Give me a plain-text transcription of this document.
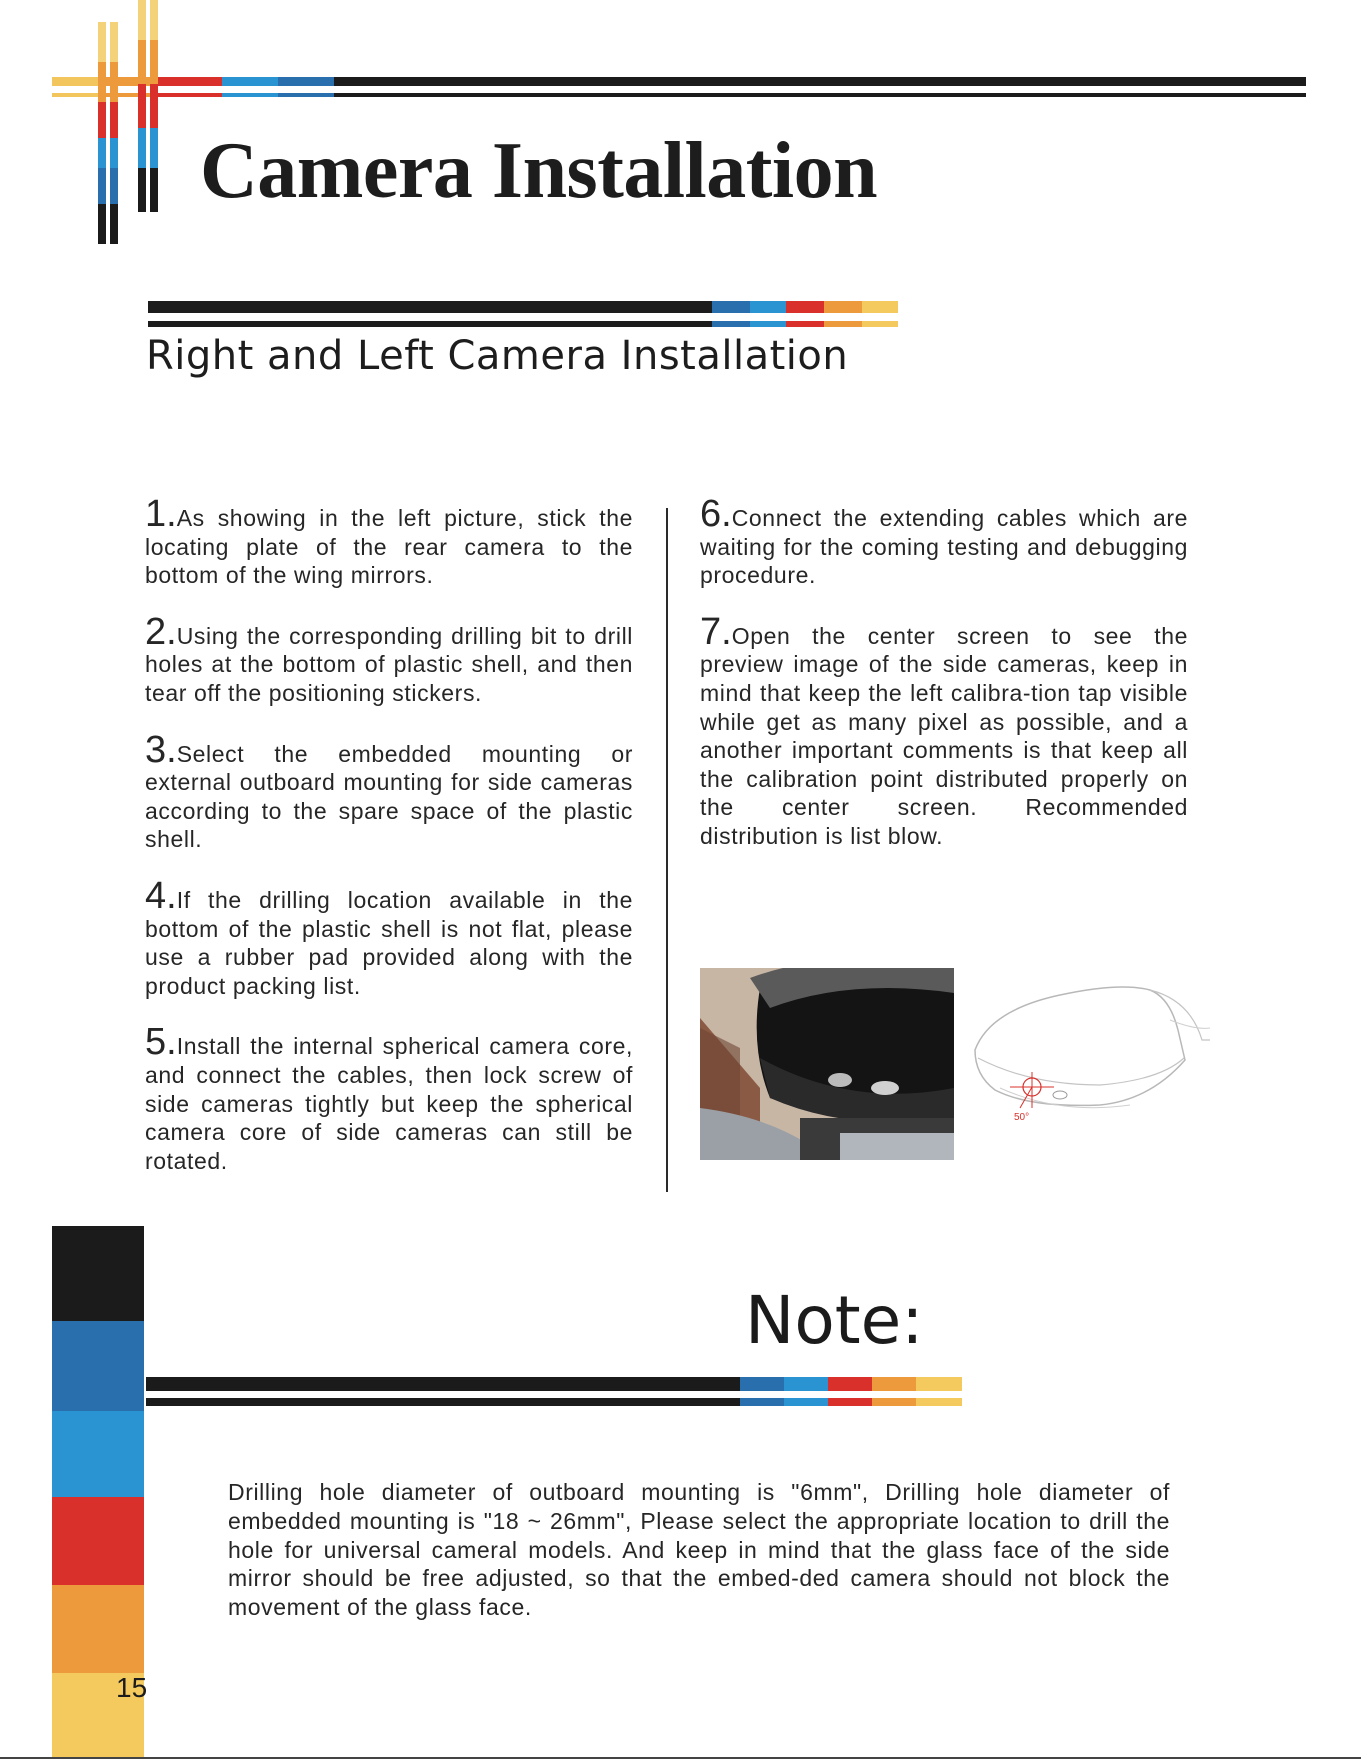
Camera Installation
Right and Left Camera Installation

1.As showing in the left picture, stick the locating plate of the rear camera to the bottom of the wing mirrors.

2.Using the corresponding drilling bit to drill holes at the bottom of plastic shell, and then tear off the positioning stickers.

3.Select the embedded mounting or external outboard mounting for side cameras according to the spare space of the plastic shell.

4.If the drilling location available in the bottom of the plastic shell is not flat, please use a rubber pad provided along with the product packing list.

5.Install the internal spherical camera core, and connect the cables, then lock screw of side cameras tightly but keep the spherical camera core of side cameras can still be rotated.

6.Connect the extending cables which are waiting for the coming testing and debugging procedure.

7.Open the center screen to see the preview image of the side cameras, keep in mind that keep the left calibra-tion tap visible while get as many pixel as possible, and a another important comments is that keep all the calibration point distributed properly on the center screen. Recommended distribution is list blow.

50°
15
Note:

Drilling hole diameter of outboard mounting is "6mm", Drilling hole diameter of embedded mounting is "18 ~ 26mm", Please select the appropriate location to drill the hole for universal cameral models. And keep in mind that the glass face of the side mirror should be free adjusted, so that the embed-ded camera should not block the movement of the glass face.
